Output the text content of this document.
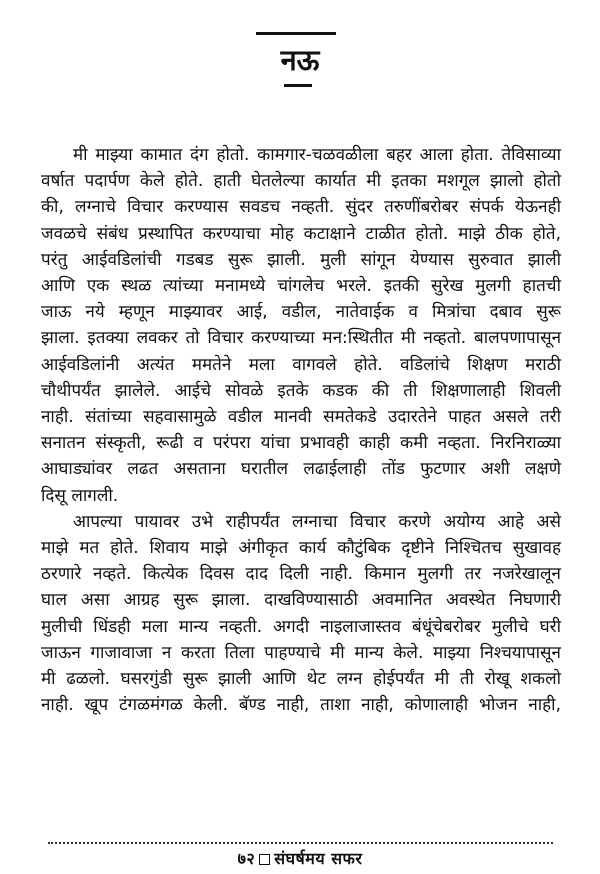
नऊ

मी माझ्या कामात दंग होतो. कामगार-चळवळीला बहर आला होता. तेविसाव्या
वर्षात पदार्पण केले होते. हाती घेतलेल्या कार्यात मी इतका मशगूल झालो होतो
की, लग्नाचे विचार करण्यास सवडच नव्हती. सुंदर तरुणींबरोबर संपर्क येऊनही
जवळचे संबंध प्रस्थापित करण्याचा मोह कटाक्षाने टाळीत होतो. माझे ठीक होते,
परंतु आईवडिलांची गडबड सुरू झाली. मुली सांगून येण्यास सुरुवात झाली
आणि एक स्थळ त्यांच्या मनामध्ये चांगलेच भरले. इतकी सुरेख मुलगी हातची
जाऊ नये म्हणून माझ्यावर आई, वडील, नातेवाईक व मित्रांचा दबाव सुरू
झाला. इतक्या लवकर तो विचार करण्याच्या मन:स्थितीत मी नव्हतो. बालपणापासून
आईवडिलांनी अत्यंत ममतेने मला वागवले होते. वडिलांचे शिक्षण मराठी
चौथीपर्यंत झालेले. आईचे सोवळे इतके कडक की ती शिक्षणालाही शिवली
नाही. संतांच्या सहवासामुळे वडील मानवी समतेकडे उदारतेने पाहत असले तरी
सनातन संस्कृती, रूढी व परंपरा यांचा प्रभावही काही कमी नव्हता. निरनिराळ्या
आघाड्यांवर लढत असताना घरातील लढाईलाही तोंड फुटणार अशी लक्षणे
दिसू लागली.

आपल्या पायावर उभे राहीपर्यंत लग्नाचा विचार करणे अयोग्य आहे असे
माझे मत होते. शिवाय माझे अंगीकृत कार्य कौटुंबिक दृष्टीने निश्चितच सुखावह
ठरणारे नव्हते. कित्येक दिवस दाद दिली नाही. किमान मुलगी तर नजरेखालून
घाल असा आग्रह सुरू झाला. दाखविण्यासाठी अवमानित अवस्थेत निघणारी
मुलीची धिंडही मला मान्य नव्हती. अगदी नाइलाजास्तव बंधूंचेबरोबर मुलीचे घरी
जाऊन गाजावाजा न करता तिला पाहण्याचे मी मान्य केले. माझ्या निश्चयापासून
मी ढळलो. घसरगुंडी सुरू झाली आणि थेट लग्न होईपर्यंत मी ती रोखू शकलो
नाही. खूप टंगळमंगळ केली. बॅण्ड नाही, ताशा नाही, कोणालाही भोजन नाही,

७२ संघर्षमय सफर
